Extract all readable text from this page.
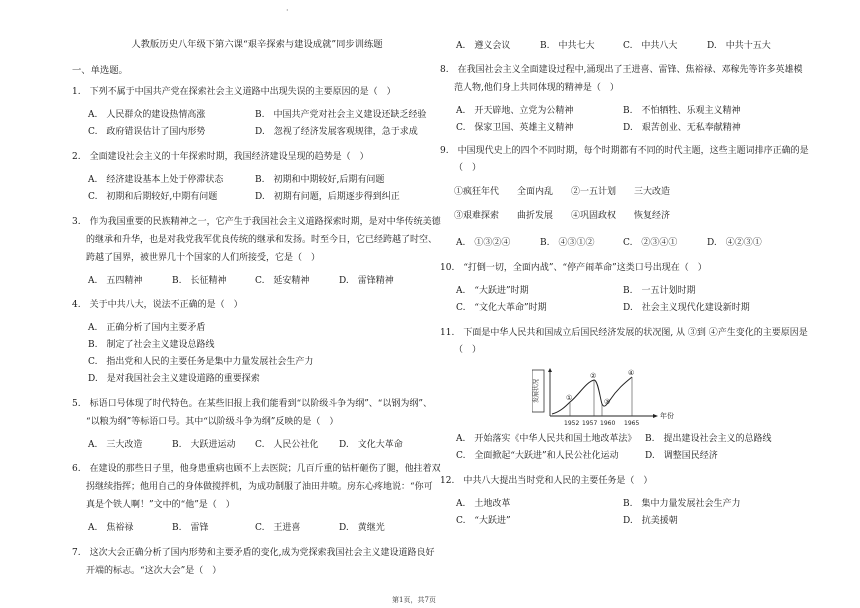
·
人教版历史八年级下第六课“艰辛探索与建设成就”同步训练题
一、单选题。
1.　下列不属于中国共产党在探索社会主义道路中出现失误的主要原因的是（　）
A.　人民群众的建设热情高涨	B.　中国共产党对社会主义建设还缺乏经验
C.　政府错误估计了国内形势	D.　忽视了经济发展客观规律，急于求成
2.　全面建设社会主义的十年探索时期，我国经济建设呈现的趋势是（　）
A.　经济建设基本上处于停滞状态	B.　初期和中期较好,后期有问题
C.　初期和后期较好,中期有问题	D.　初期有问题，后期逐步得到纠正
3.　作为我国重要的民族精神之一，它产生于我国社会主义道路探索时期，是对中华传统美德
的继承和升华，也是对我党我军优良传统的继承和发扬。时至今日，它已经跨越了时空、
跨越了国界，被世界几十个国家的人们所接受，它是（　）
A.　五四精神	B.　长征精神	C.　延安精神	D.　雷锋精神
4.　关于中共八大，说法不正确的是（　）
A.　正确分析了国内主要矛盾
B.　制定了社会主义建设总路线
C.　指出党和人民的主要任务是集中力量发展社会生产力
D.　是对我国社会主义建设道路的重要探索
5.　标语口号体现了时代特色。在某些旧报上我们能看到“以阶级斗争为纲”、“以钢为纲”、
“以粮为纲”等标语口号。其中“以阶级斗争为纲”反映的是（　）
A.　三大改造	B.　大跃进运动 C.　人民公社化 D.　文化大革命
6.　在建设的那些日子里，他身患重病也顾不上去医院；几百斤重的钻杆砸伤了腿，他拄着双
拐继续指挥；他用自己的身体做搅拌机，为成功制服了油田井喷。房东心疼地说：“你可
真是个铁人啊！”文中的“他”是（　）
A.　焦裕禄	B.　雷锋	C.　王进喜	D.　黄继光
7.　这次大会正确分析了国内形势和主要矛盾的变化,成为党探索我国社会主义建设道路良好
开端的标志。“这次大会”是（　）
A.　遵义会议	B.　中共七大	C.　中共八大	D.　中共十五大
8.　在我国社会主义全面建设过程中,涌现出了王进喜、雷锋、焦裕禄、邓稼先等许多英雄模
范人物,他们身上共同体现的精神是（　）
A.　开天辟地、立党为公精神	B.　不怕牺牲、乐观主义精神
C.　保家卫国、英雄主义精神	D.　艰苦创业、无私奉献精神
9.　中国现代史上的四个不同时期，每个时期都有不同的时代主题，这些主题词排序正确的是
（　）
①疯狂年代　　全面内乱　　②一五计划　　三大改造
③艰难探索　　曲折发展　　④巩固政权　　恢复经济
A.　①③②④	B.　④③①②	C.　②③④①	D.　④②③①
10.　“打倒一切，全面内战”、“停产闹革命”这类口号出现在（　）
A.　“大跃进”时期	B.　一五计划时期
C.　“文化大革命”时期	D.　社会主义现代化建设新时期
11.　下面是中华人民共和国成立后国民经济发展的状况图, 从 ③到 ④产生变化的主要原因是
（　）
A.　开始落实《中华人民共和国土地改革法》 B.　提出建设社会主义的总路线
C.　全面掀起“大跃进”和人民公社化运动	D.　调整国民经济
12.　中共八大提出当时党和人民的主要任务是（　）
A.　土地改革	B.　集中力量发展社会生产力
C.　“大跃进”	D.　抗美援朝
发展状况
年份
①
②
③
④
1952 1957 1960 1965
第1页，共7页
